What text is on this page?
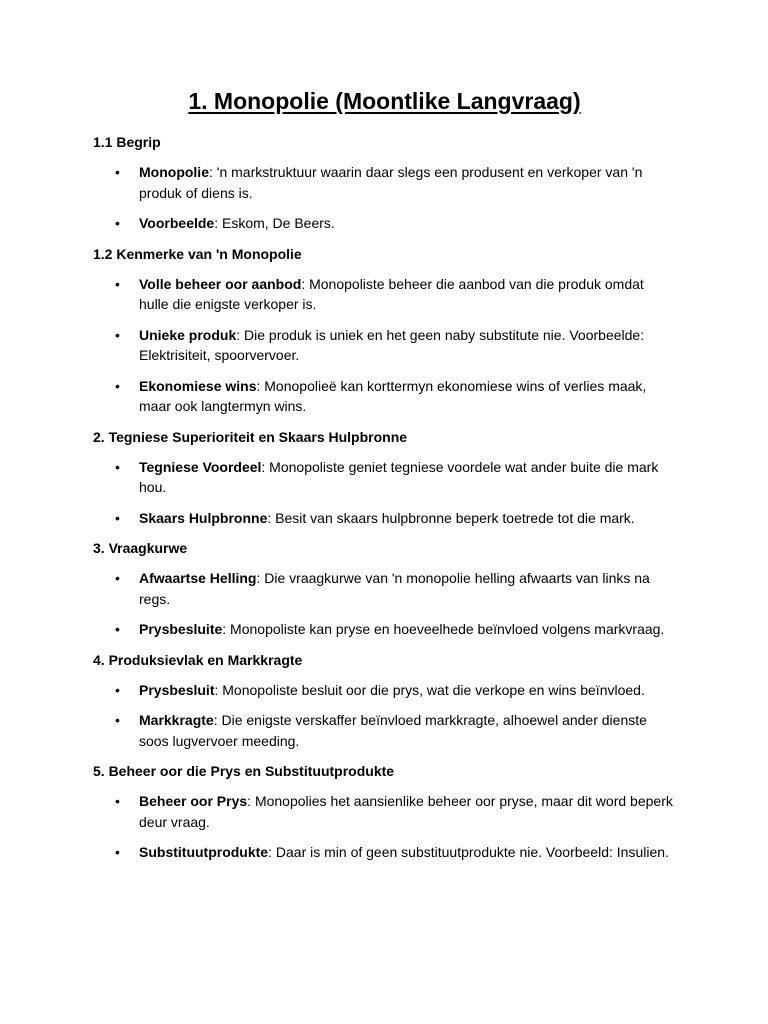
1. Monopolie (Moontlike Langvraag)
1.1 Begrip
• Monopolie: 'n markstruktuur waarin daar slegs een produsent en verkoper van 'n produk of diens is.
• Voorbeelde: Eskom, De Beers.
1.2 Kenmerke van 'n Monopolie
• Volle beheer oor aanbod: Monopoliste beheer die aanbod van die produk omdat hulle die enigste verkoper is.
• Unieke produk: Die produk is uniek en het geen naby substitute nie. Voorbeelde: Elektrisiteit, spoorvervoer.
• Ekonomiese wins: Monopolieë kan korttermyn ekonomiese wins of verlies maak, maar ook langtermyn wins.
2. Tegniese Superioriteit en Skaars Hulpbronne
• Tegniese Voordeel: Monopoliste geniet tegniese voordele wat ander buite die mark hou.
• Skaars Hulpbronne: Besit van skaars hulpbronne beperk toetrede tot die mark.
3. Vraagkurwe
• Afwaartse Helling: Die vraagkurwe van 'n monopolie helling afwaarts van links na regs.
• Prysbesluite: Monopoliste kan pryse en hoeveelhede beïnvloed volgens markvraag.
4. Produksievlak en Markkragte
• Prysbesluit: Monopoliste besluit oor die prys, wat die verkope en wins beïnvloed.
• Markkragte: Die enigste verskaffer beïnvloed markkragte, alhoewel ander dienste soos lugvervoer meeding.
5. Beheer oor die Prys en Substituutprodukte
• Beheer oor Prys: Monopolies het aansienlike beheer oor pryse, maar dit word beperk deur vraag.
• Substituutprodukte: Daar is min of geen substituutprodukte nie. Voorbeeld: Insulien.
